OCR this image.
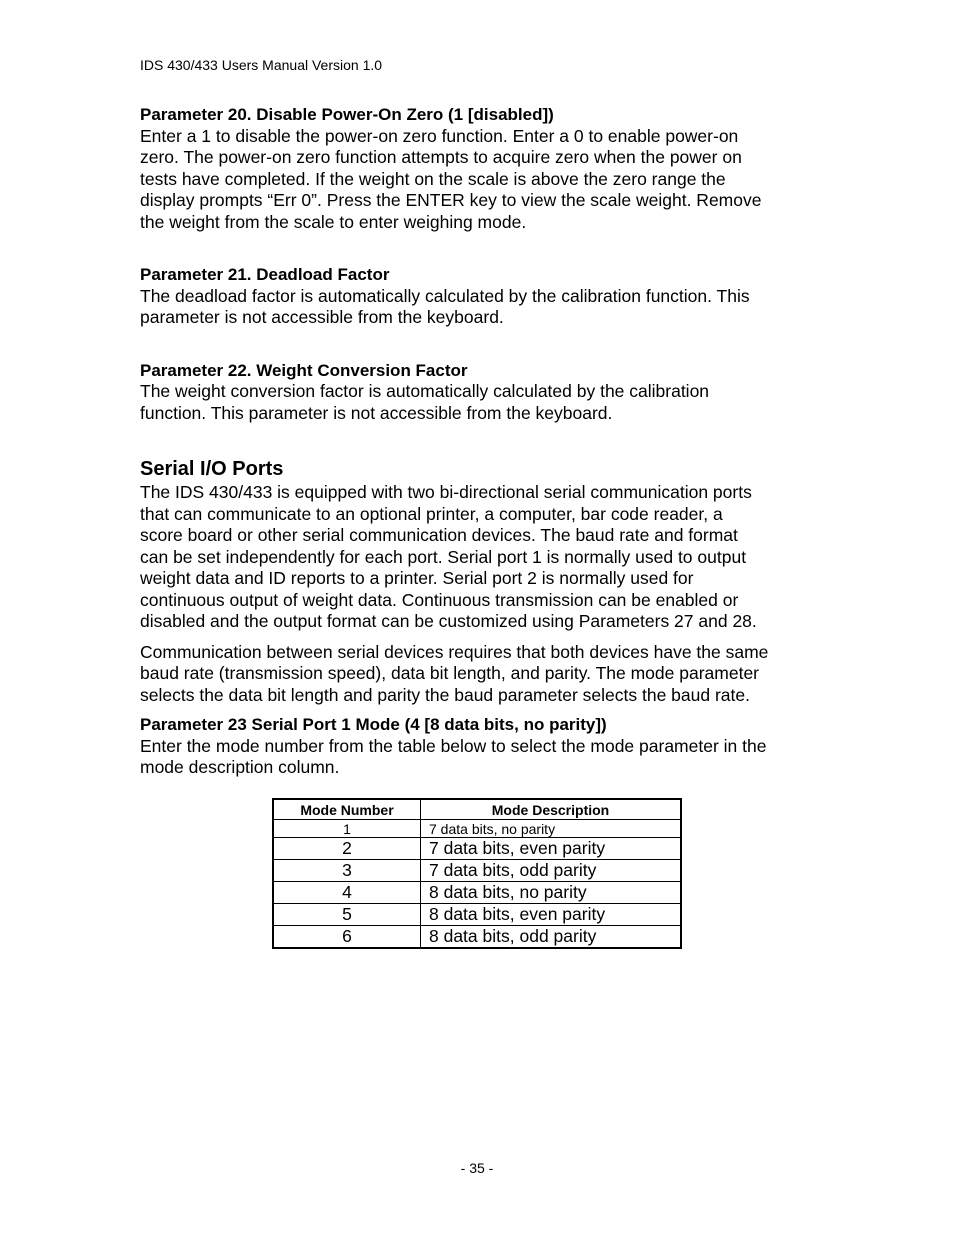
IDS 430/433 Users Manual Version 1.0

Parameter 20. Disable Power-On Zero (1 [disabled])

Enter a 1 to disable the power-on zero function. Enter a 0 to enable power-on

zero. The power-on zero function attempts to acquire zero when the power on

tests have completed. If the weight on the scale is above the zero range the

display prompts “Err 0”. Press the ENTER key to view the scale weight. Remove

the weight from the scale to enter weighing mode.

Parameter 21. Deadload Factor

The deadload factor is automatically calculated by the calibration function. This

parameter is not accessible from the keyboard.

Parameter 22. Weight Conversion Factor

The weight conversion factor is automatically calculated by the calibration

function. This parameter is not accessible from the keyboard.

Serial I/O Ports

The IDS 430/433 is equipped with two bi-directional serial communication ports

that can communicate to an optional printer, a computer, bar code reader, a

score board or other serial communication devices. The baud rate and format

can be set independently for each port. Serial port 1 is normally used to output

weight data and ID reports to a printer. Serial port 2 is normally used for

continuous output of weight data. Continuous transmission can be enabled or

disabled and the output format can be customized using Parameters 27 and 28.

Communication between serial devices requires that both devices have the same

baud rate (transmission speed), data bit length, and parity. The mode parameter

selects the data bit length and parity the baud parameter selects the baud rate.

Parameter 23 Serial Port 1 Mode (4 [8 data bits, no parity])

Enter the mode number from the table below to select the mode parameter in the

mode description column.

Mode Number	Mode Description
1	7 data bits, no parity
2	7 data bits, even parity
3	7 data bits, odd parity
4	8 data bits, no parity
5	8 data bits, even parity
6	8 data bits, odd parity
- 35 -
